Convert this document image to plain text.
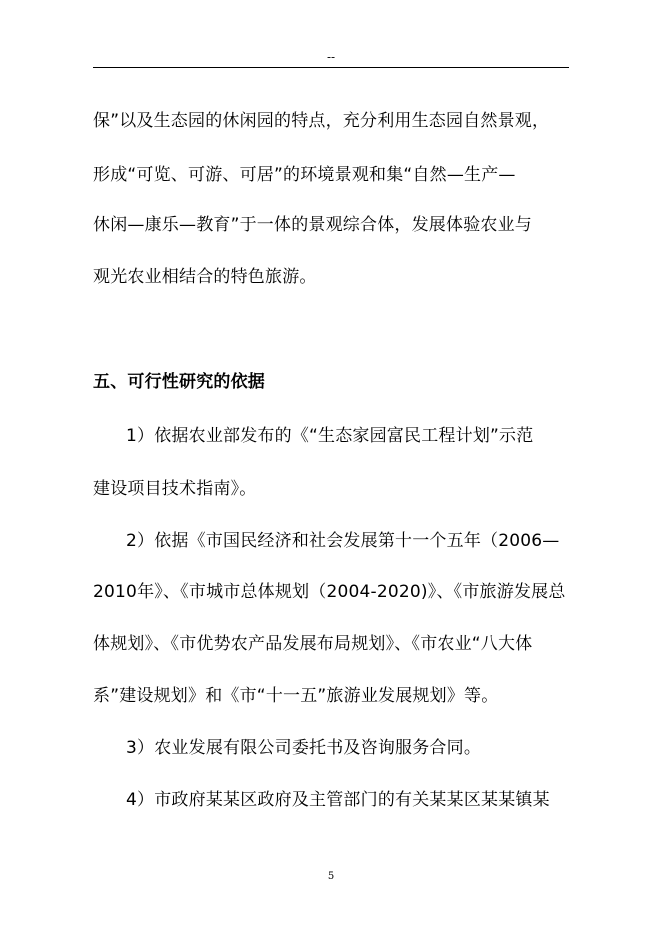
--
保”以及生态园的休闲园的特点，充分利用生态园自然景观，
形成“可览、可游、可居”的环境景观和集“自然—生产—
休闲—康乐—教育”于一体的景观综合体，发展体验农业与
观光农业相结合的特色旅游。
五、可行性研究的依据
1）依据农业部发布的《“生态家园富民工程计划”示范
建设项目技术指南》。
2）依据《市国民经济和社会发展第十一个五年（2006—
2010年》、《市城市总体规划（2004-2020)》、《市旅游发展总
体规划》、《市优势农产品发展布局规划》、《市农业“八大体
系”建设规划》和《市“十一五”旅游业发展规划》等。
3）农业发展有限公司委托书及咨询服务合同。
4）市政府某某区政府及主管部门的有关某某区某某镇某
5
